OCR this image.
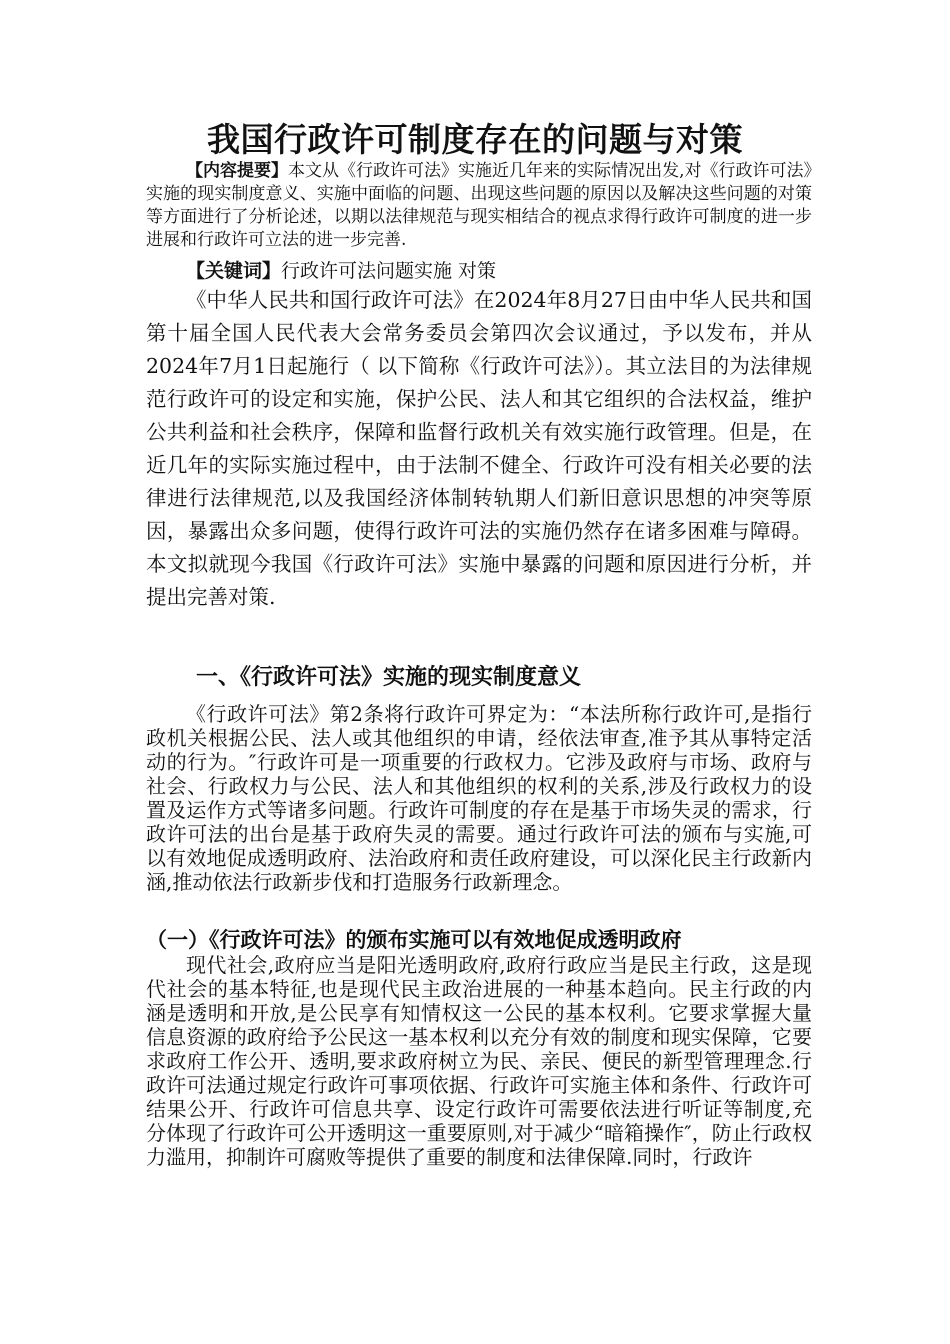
我国行政许可制度存在的问题与对策
【内容提要】本文从《行政许可法》实施近几年来的实际情况出发,对《行政许可法》实施的现实制度意义、实施中面临的问题、出现这些问题的原因以及解决这些问题的对策等方面进行了分析论述，以期以法律规范与现实相结合的视点求得行政许可制度的进一步进展和行政许可立法的进一步完善.
【关键词】行政许可法问题实施 对策
《中华人民共和国行政许可法》在2024年8月27日由中华人民共和国第十届全国人民代表大会常务委员会第四次会议通过，予以发布，并从2024年7月1日起施行（ 以下简称《行政许可法》）。其立法目的为法律规范行政许可的设定和实施，保护公民、法人和其它组织的合法权益，维护公共利益和社会秩序，保障和监督行政机关有效实施行政管理。但是，在近几年的实际实施过程中，由于法制不健全、行政许可没有相关必要的法律进行法律规范,以及我国经济体制转轨期人们新旧意识思想的冲突等原因，暴露出众多问题，使得行政许可法的实施仍然存在诸多困难与障碍。本文拟就现今我国《行政许可法》实施中暴露的问题和原因进行分析，并提出完善对策.
一、《行政许可法》实施的现实制度意义
《行政许可法》第2条将行政许可界定为：“本法所称行政许可,是指行政机关根据公民、法人或其他组织的申请，经依法审查,准予其从事特定活动的行为。″行政许可是一项重要的行政权力。它涉及政府与市场、政府与社会、行政权力与公民、法人和其他组织的权利的关系,涉及行政权力的设置及运作方式等诸多问题。行政许可制度的存在是基于市场失灵的需求，行政许可法的出台是基于政府失灵的需要。通过行政许可法的颁布与实施,可以有效地促成透明政府、法治政府和责任政府建设，可以深化民主行政新内涵,推动依法行政新步伐和打造服务行政新理念。
（一）《行政许可法》的颁布实施可以有效地促成透明政府
现代社会,政府应当是阳光透明政府,政府行政应当是民主行政，这是现代社会的基本特征,也是现代民主政治进展的一种基本趋向。民主行政的内涵是透明和开放,是公民享有知情权这一公民的基本权利。它要求掌握大量信息资源的政府给予公民这一基本权利以充分有效的制度和现实保障，它要求政府工作公开、透明,要求政府树立为民、亲民、便民的新型管理理念.行政许可法通过规定行政许可事项依据、行政许可实施主体和条件、行政许可结果公开、行政许可信息共享、设定行政许可需要依法进行听证等制度,充分体现了行政许可公开透明这一重要原则,对于减少“暗箱操作″，防止行政权力滥用，抑制许可腐败等提供了重要的制度和法律保障.同时，行政许
